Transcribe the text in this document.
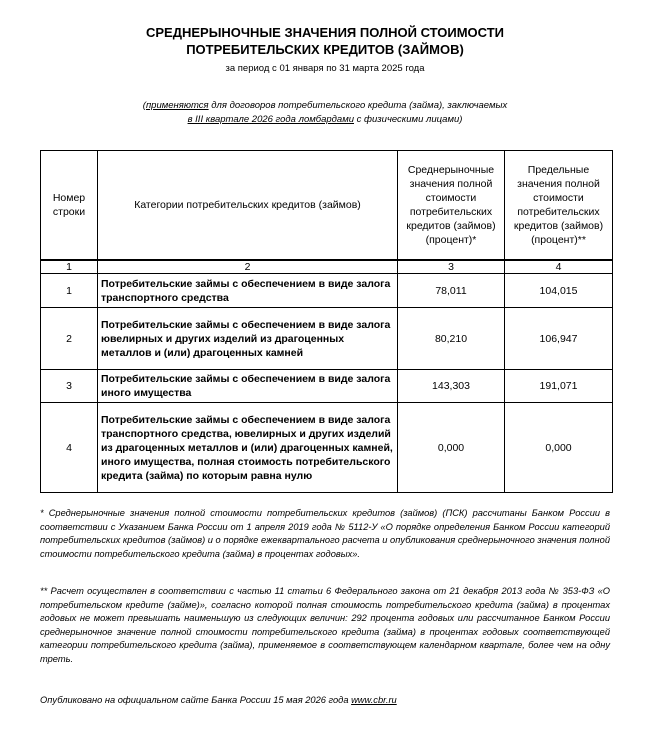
СРЕДНЕРЫНОЧНЫЕ ЗНАЧЕНИЯ ПОЛНОЙ СТОИМОСТИ
ПОТРЕБИТЕЛЬСКИХ КРЕДИТОВ (ЗАЙМОВ)
за период с 01 января по 31 марта 2025 года
(применяются для договоров потребительского кредита (займа), заключаемых
в III квартале 2026 года ломбардами с физическими лицами)
Номер строки	Категории потребительских кредитов (займов)	Среднерыночные значения полной стоимости потребительских кредитов (займов) (процент)*	Предельные значения полной стоимости потребительских кредитов (займов) (процент)**
1	2	3	4
1	Потребительские займы с обеспечением в виде залога транспортного средства	78,011	104,015
2	Потребительские займы с обеспечением в виде залога ювелирных и других изделий из драгоценных металлов и (или) драгоценных камней	80,210	106,947
3	Потребительские займы с обеспечением в виде залога иного имущества	143,303	191,071
4	Потребительские займы с обеспечением в виде залога транспортного средства, ювелирных и других изделий из драгоценных металлов и (или) драгоценных камней, иного имущества, полная стоимость потребительского кредита (займа) по которым равна нулю	0,000	0,000
* Среднерыночные значения полной стоимости потребительских кредитов (займов) (ПСК) рассчитаны Банком России в соответствии с Указанием Банка России от 1 апреля 2019 года № 5112-У «О порядке определения Банком России категорий потребительских кредитов (займов) и о порядке ежеквартального расчета и опубликования среднерыночного значения полной стоимости потребительского кредита (займа) в процентах годовых».
** Расчет осуществлен в соответствии с частью 11 статьи 6 Федерального закона от 21 декабря 2013 года № 353-ФЗ «О потребительском кредите (займе)», согласно которой полная стоимость потребительского кредита (займа) в процентах годовых не может превышать наименьшую из следующих величин: 292 процента годовых или рассчитанное Банком России среднерыночное значение полной стоимости потребительского кредита (займа) в процентах годовых соответствующей категории потребительского кредита (займа), применяемое в соответствующем календарном квартале, более чем на одну треть.
Опубликовано на официальном сайте Банка России 15 мая 2026 года www.cbr.ru
